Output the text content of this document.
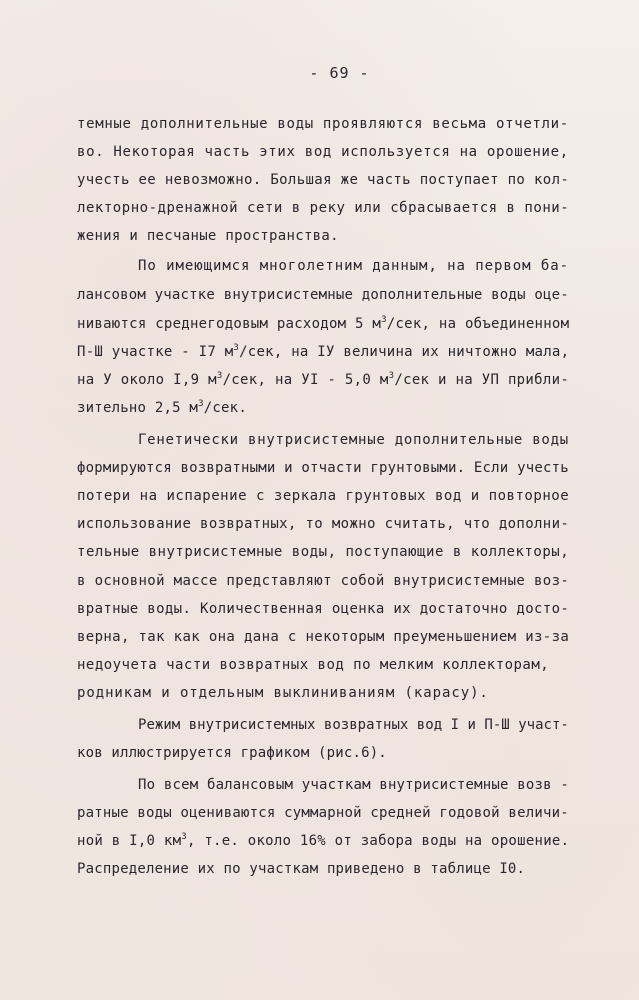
- 69 -
темные дополнительные воды проявляются весьма отчетли-
во. Некоторая часть этих вод используется на орошение,
учесть ее невозможно. Большая же часть поступает по кол-
лекторно-дренажной сети в реку или сбрасывается в пони-
жения и песчаные пространства.
По имеющимся многолетним данным, на первом ба-
лансовом участке внутрисистемные дополнительные воды оце-
ниваются среднегодовым расходом 5 $м^3$/сек, на объединенном
П-Ш участке - I7 $м^3$/сек, на IУ величина их ничтожно мала,
на У около I,9 $м^3$/сек, на УI - 5,0 $м^3$/сек и на УП прибли-
зительно 2,5 $м^3$/сек.
Генетически внутрисистемные дополнительные воды
формируются возвратными и отчасти грунтовыми. Если учесть
потери на испарение с зеркала грунтовых вод и повторное
использование возвратных, то можно считать, что дополни-
тельные внутрисистемные воды, поступающие в коллекторы,
в основной массе представляют собой внутрисистемные воз-
вратные воды. Количественная оценка их достаточно досто-
верна, так как она дана с некоторым преуменьшением из-за
недоучета части возвратных вод по мелким коллекторам,
родникам и отдельным выклиниваниям (карасу).
Режим внутрисистемных возвратных вод I и П-Ш участ-
ков иллюстрируется графиком (рис.6).
По всем балансовым участкам внутрисистемные возв -
ратные воды оцениваются суммарной средней годовой величи-
ной в I,0 $км^3$, т.е. около 16% от забора воды на орошение.
Распределение их по участкам приведено в таблице I0.
